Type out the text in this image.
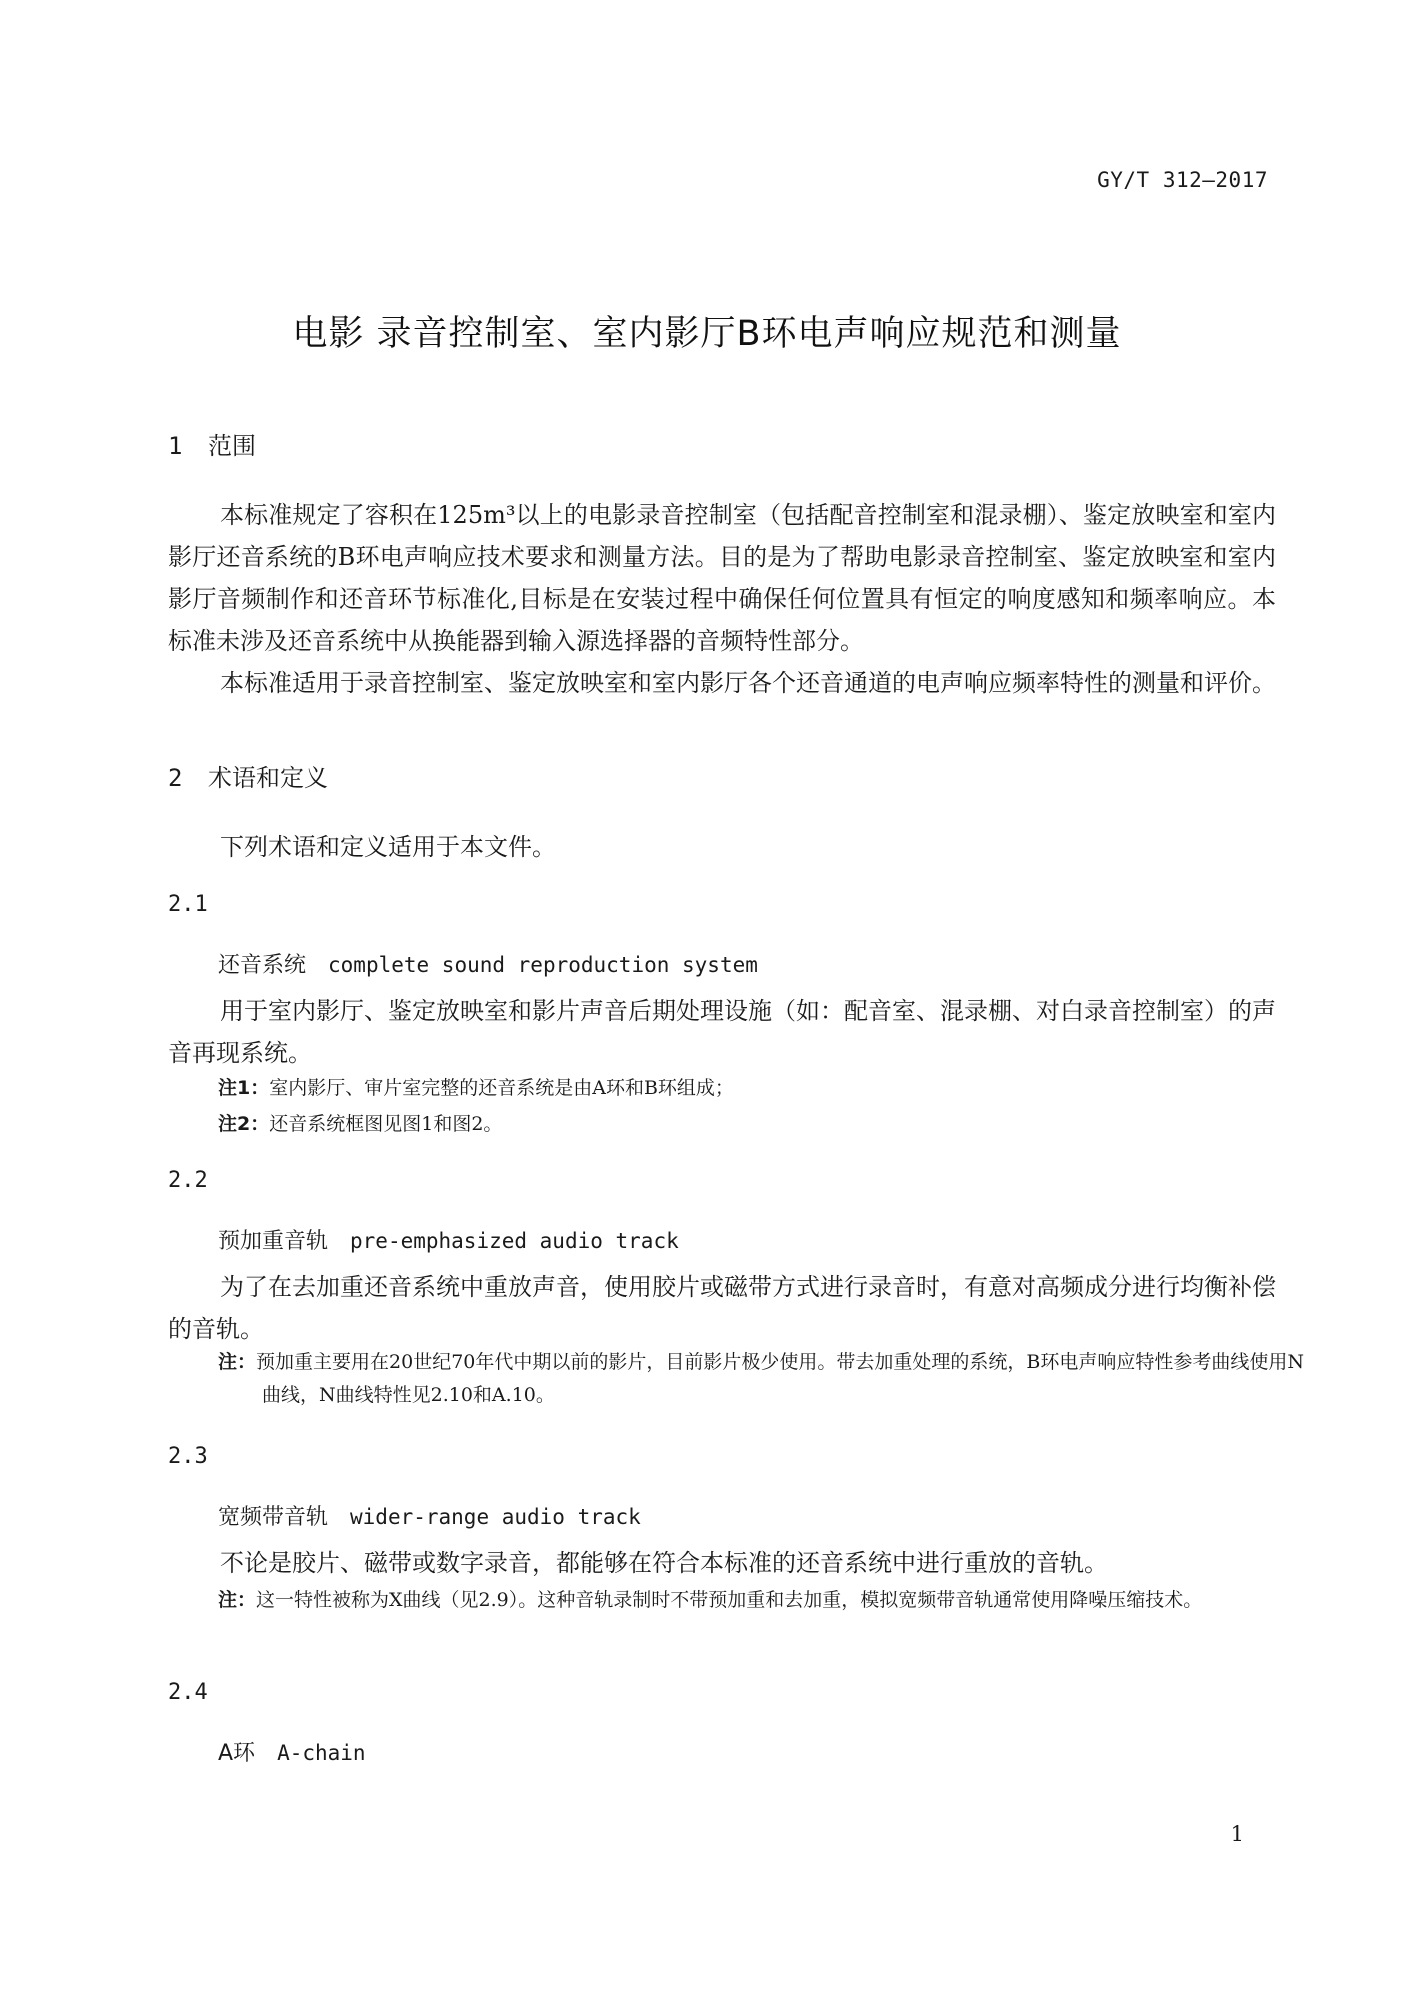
GY/T 312—2017
电影 录音控制室、室内影厅B环电声响应规范和测量
1 范围
本标准规定了容积在125m³以上的电影录音控制室（包括配音控制室和混录棚）、鉴定放映室和室内影厅还音系统的B环电声响应技术要求和测量方法。目的是为了帮助电影录音控制室、鉴定放映室和室内影厅音频制作和还音环节标准化,目标是在安装过程中确保任何位置具有恒定的响度感知和频率响应。本标准未涉及还音系统中从换能器到输入源选择器的音频特性部分。
本标准适用于录音控制室、鉴定放映室和室内影厅各个还音通道的电声响应频率特性的测量和评价。
2 术语和定义
下列术语和定义适用于本文件。
2.1
还音系统 complete sound reproduction system
用于室内影厅、鉴定放映室和影片声音后期处理设施（如：配音室、混录棚、对白录音控制室）的声音再现系统。
注1：室内影厅、审片室完整的还音系统是由A环和B环组成；
注2：还音系统框图见图1和图2。
2.2
预加重音轨 pre-emphasized audio track
为了在去加重还音系统中重放声音，使用胶片或磁带方式进行录音时，有意对高频成分进行均衡补偿的音轨。
注：预加重主要用在20世纪70年代中期以前的影片，目前影片极少使用。带去加重处理的系统，B环电声响应特性参考曲线使用N曲线，N曲线特性见2.10和A.10。
2.3
宽频带音轨 wider-range audio track
不论是胶片、磁带或数字录音，都能够在符合本标准的还音系统中进行重放的音轨。
注：这一特性被称为X曲线（见2.9）。这种音轨录制时不带预加重和去加重，模拟宽频带音轨通常使用降噪压缩技术。
2.4
A环 A-chain
1
